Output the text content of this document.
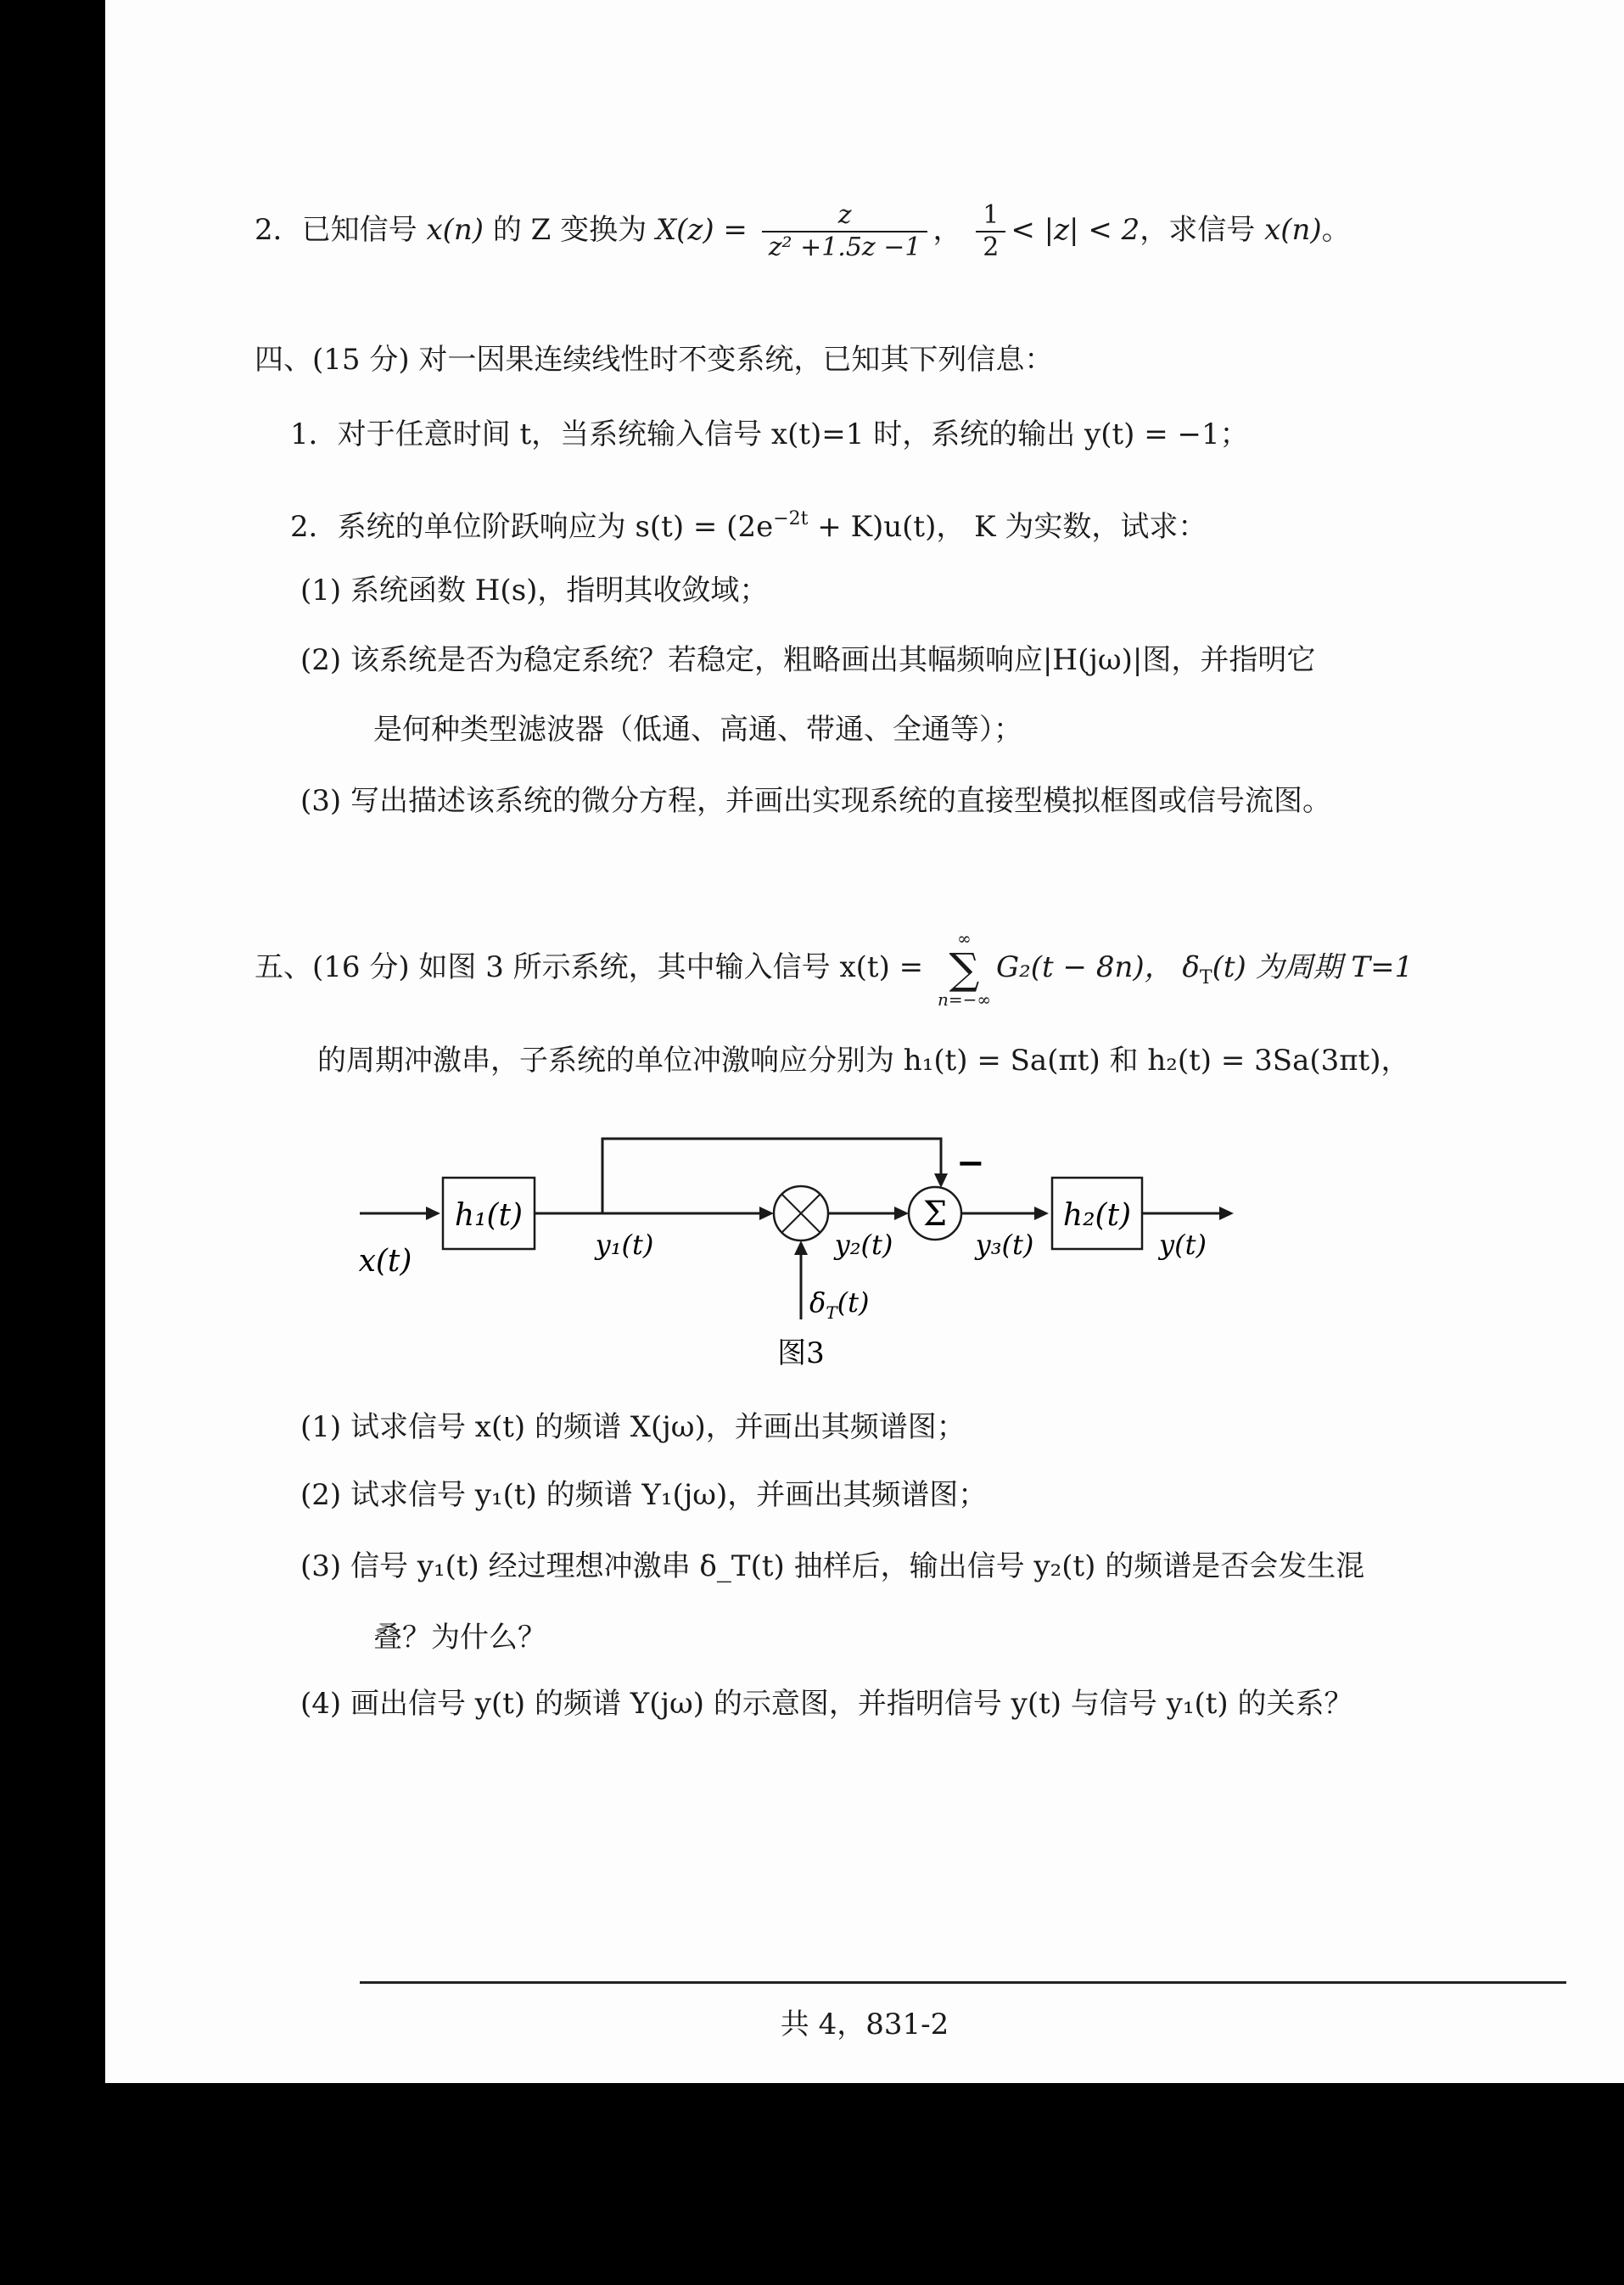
2．已知信号 x(n) 的 Z 变换为 $X(z) = \frac{z}{\text{z² +1.5z −1}}$ ， $\frac{1}{2} < |z| < 2$，求信号 x(n)。
四、(15 分) 对一因果连续线性时不变系统，已知其下列信息：
1．对于任意时间 t，当系统输入信号 x(t)=1 时，系统的输出 y(t) = −1；
2．系统的单位阶跃响应为 $s(t) = (2e^{-2t} + K)u(t)$， K 为实数，试求：
(1) 系统函数 H(s)，指明其收敛域；
(2) 该系统是否为稳定系统？若稳定，粗略画出其幅频响应|H(jω)|图，并指明它
是何种类型滤波器（低通、高通、带通、全通等）；
(3) 写出描述该系统的微分方程，并画出实现系统的直接型模拟框图或信号流图。
五、(16 分) 如图 3 所示系统，其中输入信号 x(t) =
∞
∑
n=−∞
G₂(t − 8n)， $\delta_T(t)$ 为周期 T=1
的周期冲激串，子系统的单位冲激响应分别为 h₁(t) = Sa(πt) 和 h₂(t) = 3Sa(3πt)，
h₁(t)
−
Σ	h₂(t)
x(t)	y₁(t)	y₂(t)	y₃(t)	y(t)
$\delta_T(t)$
图3
(1) 试求信号 x(t) 的频谱 X(jω)，并画出其频谱图；
(2) 试求信号 y₁(t) 的频谱 Y₁(jω)，并画出其频谱图；
(3) 信号 y₁(t) 经过理想冲激串 δ_T(t) 抽样后，输出信号 y₂(t) 的频谱是否会发生混
叠？为什么？
(4) 画出信号 y(t) 的频谱 Y(jω) 的示意图，并指明信号 y(t) 与信号 y₁(t) 的关系？
共 4，831-2
